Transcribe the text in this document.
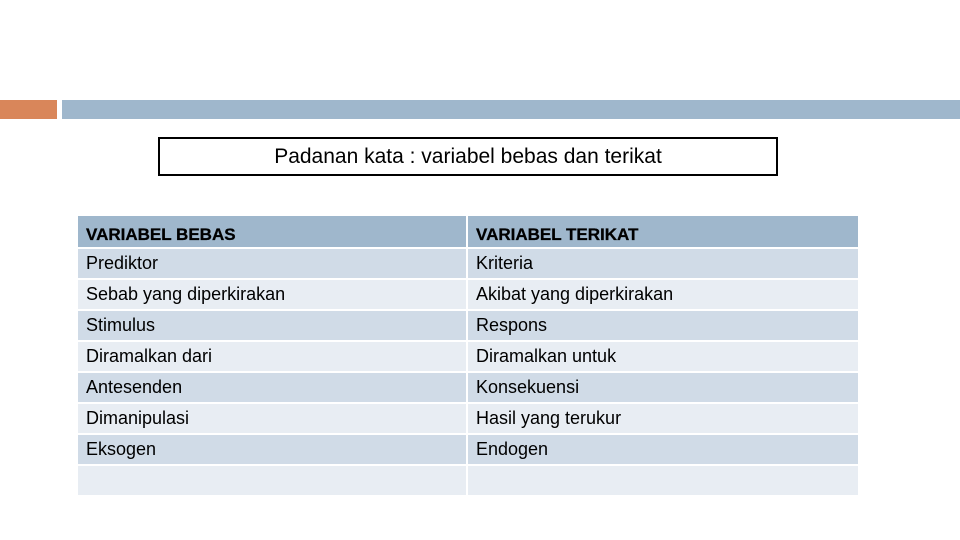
Padanan kata : variabel bebas dan terikat
VARIABEL BEBAS	VARIABEL TERIKAT
Prediktor	Kriteria
Sebab yang diperkirakan	Akibat yang diperkirakan
Stimulus	Respons
Diramalkan dari	Diramalkan untuk
Antesenden	Konsekuensi
Dimanipulasi	Hasil yang terukur
Eksogen	Endogen
